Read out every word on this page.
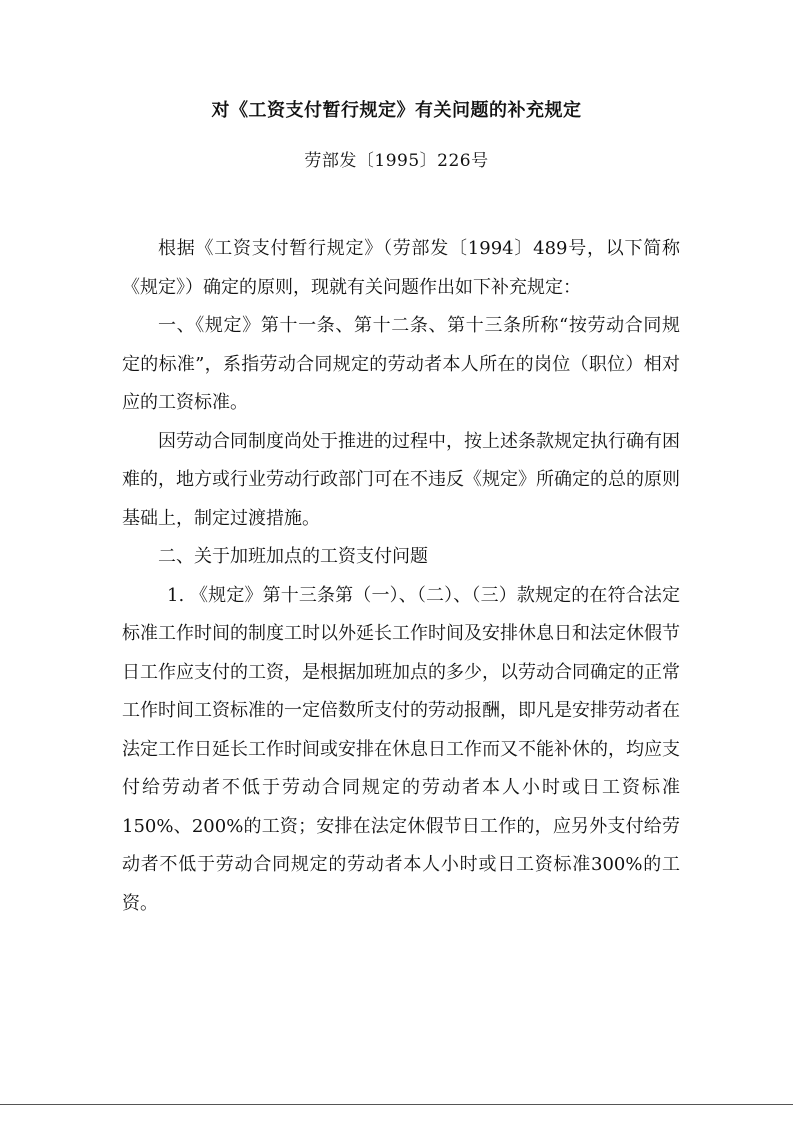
对《工资支付暂行规定》有关问题的补充规定
劳部发〔1995〕226号

根据《工资支付暂行规定》（劳部发〔1994〕489号，以下简称《规定》）确定的原则，现就有关问题作出如下补充规定：

一、《规定》第十一条、第十二条、第十三条所称“按劳动合同规定的标准”，系指劳动合同规定的劳动者本人所在的岗位（职位）相对应的工资标准。

因劳动合同制度尚处于推进的过程中，按上述条款规定执行确有困难的，地方或行业劳动行政部门可在不违反《规定》所确定的总的原则基础上，制定过渡措施。

二、关于加班加点的工资支付问题

1. 《规定》第十三条第（一）、（二）、（三）款规定的在符合法定标准工作时间的制度工时以外延长工作时间及安排休息日和法定休假节日工作应支付的工资，是根据加班加点的多少，以劳动合同确定的正常工作时间工资标准的一定倍数所支付的劳动报酬，即凡是安排劳动者在法定工作日延长工作时间或安排在休息日工作而又不能补休的，均应支付给劳动者不低于劳动合同规定的劳动者本人小时或日工资标准150%、200%的工资；安排在法定休假节日工作的，应另外支付给劳动者不低于劳动合同规定的劳动者本人小时或日工资标准300%的工资。
